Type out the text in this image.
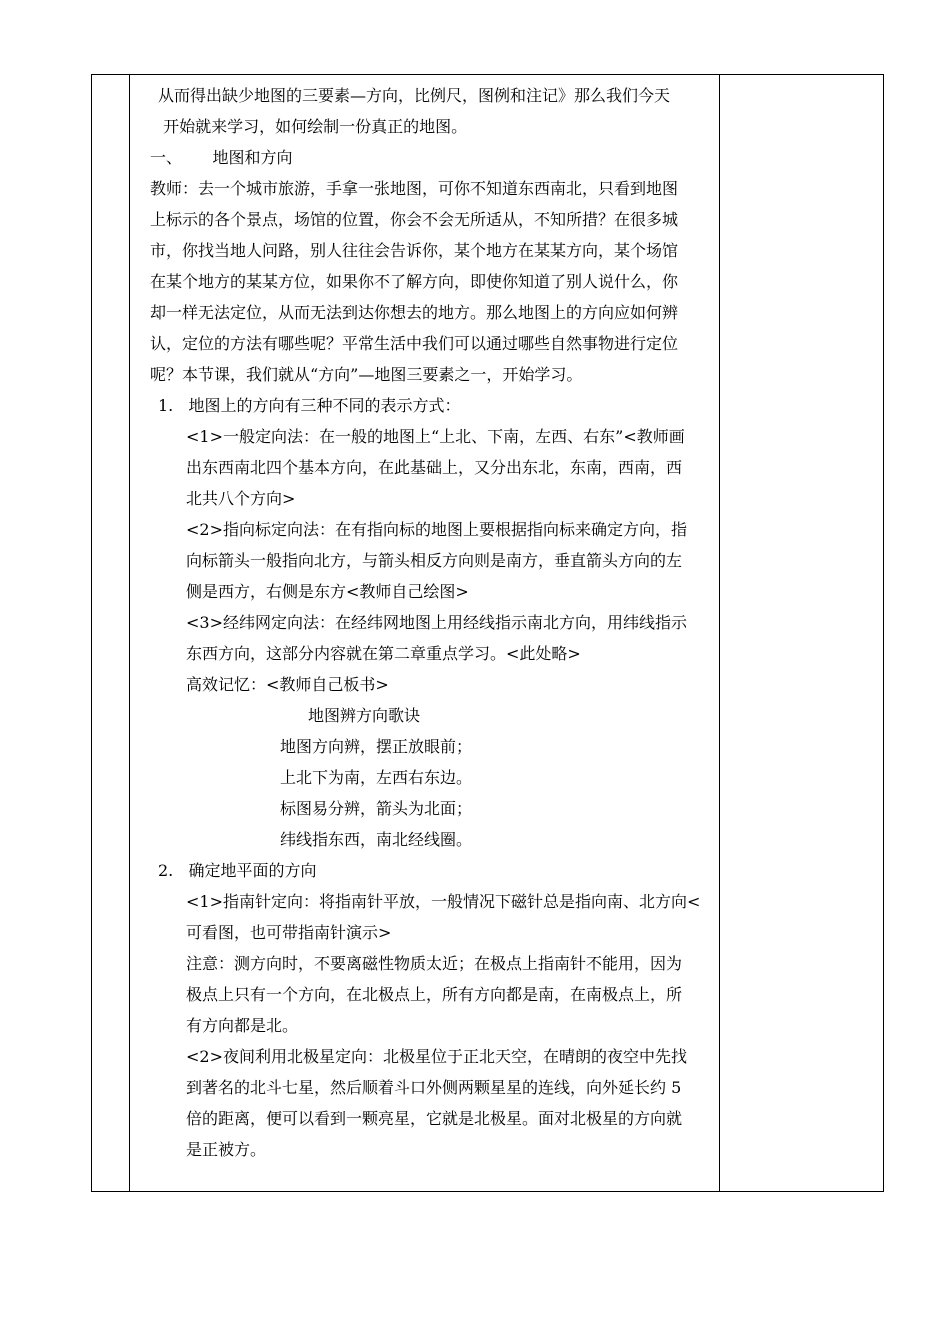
从而得出缺少地图的三要素—方向，比例尺，图例和注记》那么我们今天

开始就来学习，如何绘制一份真正的地图。

一、      地图和方向

教师：去一个城市旅游，手拿一张地图，可你不知道东西南北，只看到地图

上标示的各个景点，场馆的位置，你会不会无所适从，不知所措？在很多城

市，你找当地人问路，别人往往会告诉你，某个地方在某某方向，某个场馆

在某个地方的某某方位，如果你不了解方向，即使你知道了别人说什么，你

却一样无法定位，从而无法到达你想去的地方。那么地图上的方向应如何辨

认，定位的方法有哪些呢？平常生活中我们可以通过哪些自然事物进行定位

呢？本节课，我们就从“方向”—地图三要素之一，开始学习。

1.   地图上的方向有三种不同的表示方式：

<1>一般定向法：在一般的地图上“上北、下南，左西、右东”<教师画

出东西南北四个基本方向，在此基础上，又分出东北，东南，西南，西

北共八个方向>

<2>指向标定向法：在有指向标的地图上要根据指向标来确定方向，指

向标箭头一般指向北方，与箭头相反方向则是南方，垂直箭头方向的左

侧是西方，右侧是东方<教师自己绘图>

<3>经纬网定向法：在经纬网地图上用经线指示南北方向，用纬线指示

东西方向，这部分内容就在第二章重点学习。<此处略>

高效记忆：<教师自己板书>

地图辨方向歌诀

地图方向辨，摆正放眼前；

上北下为南，左西右东边。

标图易分辨，箭头为北面；

纬线指东西，南北经线圈。

2.   确定地平面的方向

<1>指南针定向：将指南针平放，一般情况下磁针总是指向南、北方向<

可看图，也可带指南针演示>

注意：测方向时，不要离磁性物质太近；在极点上指南针不能用，因为

极点上只有一个方向，在北极点上，所有方向都是南，在南极点上，所

有方向都是北。

<2>夜间利用北极星定向：北极星位于正北天空，在晴朗的夜空中先找

到著名的北斗七星，然后顺着斗口外侧两颗星星的连线，向外延长约 5

倍的距离，便可以看到一颗亮星，它就是北极星。面对北极星的方向就

是正被方。
